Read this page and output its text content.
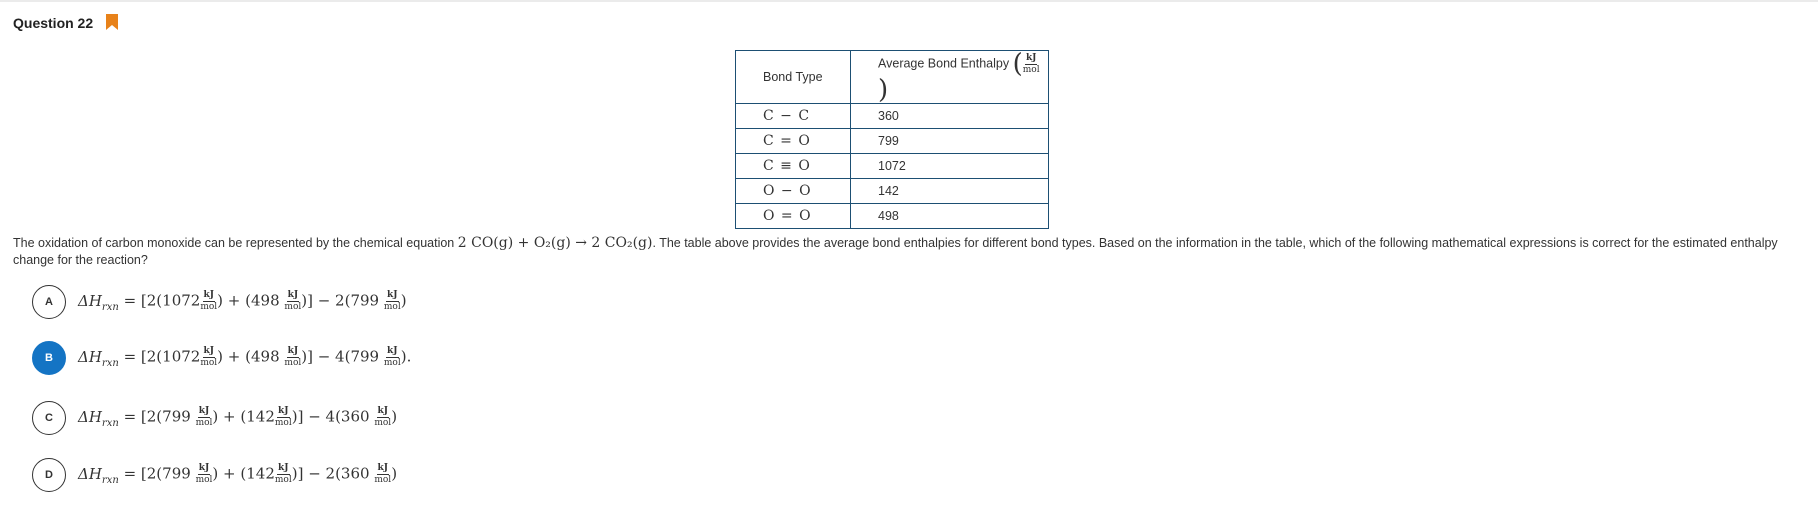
Question 22
Bond Type	Average Bond Enthalpy ( $\frac{kJ}{\text{mol}}$
)
C − C	360
C = O	799
C ≡ O	1072
O − O	142
O = O	498
The oxidation of carbon monoxide can be represented by the chemical equation 2 CO(g) + O₂(g) → 2 CO₂(g). The table above provides the average bond enthalpies for different bond types. Based on the information in the table, which of the following mathematical expressions is correct for the estimated enthalpy change for the reaction?
A	$\Delta H_{rxn} = [2(1072 \frac{kJ}{\text{mol}}$ ) + ($498 \frac{kJ}{\text{mol}}$ )] − $2(799 \frac{kJ}{\text{mol}}$ )
B	$\Delta H_{rxn} = [2(1072 \frac{kJ}{\text{mol}}$ ) + ($498 \frac{kJ}{\text{mol}}$ )] − $4(799 \frac{kJ}{\text{mol}}$ ).
C	$\Delta H_{rxn} = [2(799 \frac{kJ}{\text{mol}}$ ) + ($142 \frac{kJ}{\text{mol}}$ )] − $4(360 \frac{kJ}{\text{mol}}$ )
D	$\Delta H_{rxn} = [2(799 \frac{kJ}{\text{mol}}$ ) + ($142 \frac{kJ}{\text{mol}}$ )] − $2(360 \frac{kJ}{\text{mol}}$ )
